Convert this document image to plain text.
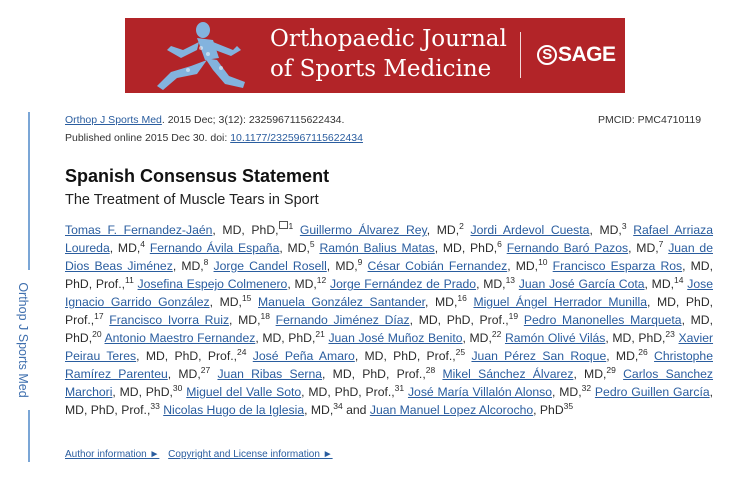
Orthopaedic Journal
of Sports Medicine
S SAGE
Orthop J Sports Med
Orthop J Sports Med. 2015 Dec; 3(12): 2325967115622434.
Published online 2015 Dec 30. doi: 10.1177/2325967115622434
PMCID: PMC4710119
Spanish Consensus Statement
The Treatment of Muscle Tears in Sport
Tomas F. Fernandez-Jaén, MD, PhD, $^1$ Guillermo Álvarez Rey, MD,$^2$ Jordi Ardevol Cuesta, MD,$^3$ Rafael Arriaza Loureda, MD,$^4$ Fernando Ávila España, MD,$^5$ Ramón Balius Matas, MD, PhD,$^6$ Fernando Baró Pazos, MD,$^7$ Juan de Dios Beas Jiménez, MD,$^8$ Jorge Candel Rosell, MD,$^9$ César Cobián Fernandez, MD,$^{10}$ Francisco Esparza Ros, MD, PhD, Prof.,$^{11}$ Josefina Espejo Colmenero, MD,$^{12}$ Jorge Fernández de Prado, MD,$^{13}$ Juan José García Cota, MD,$^{14}$ Jose Ignacio Garrido González, MD,$^{15}$ Manuela González Santander, MD,$^{16}$ Miguel Ángel Herrador Munilla, MD, PhD, Prof.,$^{17}$ Francisco Ivorra Ruiz, MD,$^{18}$ Fernando Jiménez Díaz, MD, PhD, Prof.,$^{19}$ Pedro Manonelles Marqueta, MD, PhD,$^{20}$ Antonio Maestro Fernandez, MD, PhD,$^{21}$ Juan José Muñoz Benito, MD,$^{22}$ Ramón Olivé Vilás, MD, PhD,$^{23}$ Xavier Peirau Teres, MD, PhD, Prof.,$^{24}$ José Peña Amaro, MD, PhD, Prof.,$^{25}$ Juan Pérez San Roque, MD,$^{26}$ Christophe Ramírez Parenteu, MD,$^{27}$ Juan Ribas Serna, MD, PhD, Prof.,$^{28}$ Mikel Sánchez Álvarez, MD,$^{29}$ Carlos Sanchez Marchori, MD, PhD,$^{30}$ Miguel del Valle Soto, MD, PhD, Prof.,$^{31}$ José María Villalón Alonso, MD,$^{32}$ Pedro Guillen García, MD, PhD, Prof.,$^{33}$ Nicolas Hugo de la Iglesia, MD,$^{34}$ and Juan Manuel Lopez Alcorocho, PhD$^{35}$
Author information ► Copyright and License information ►
